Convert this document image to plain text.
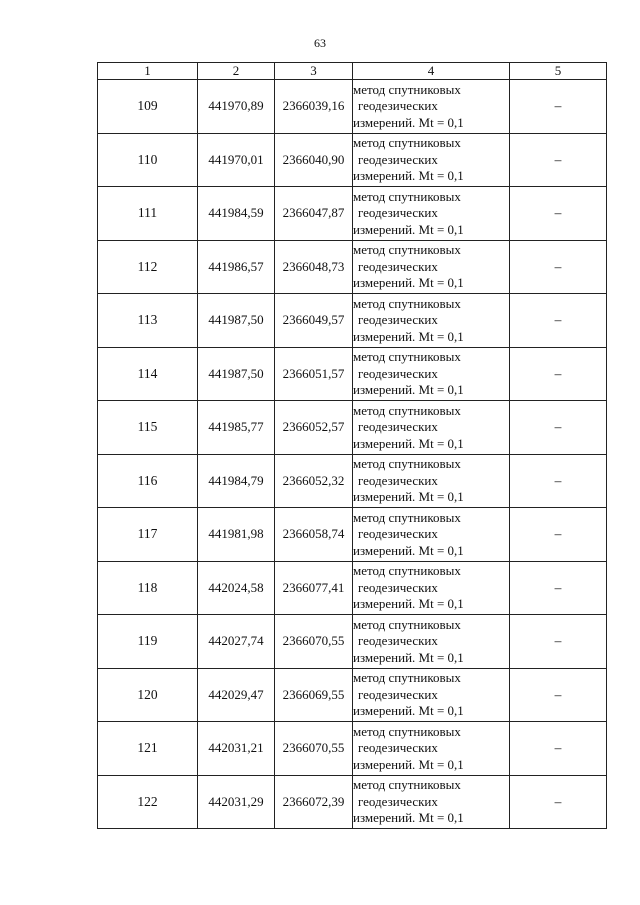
63
1	2	3	4	5
109	441970,89	2366039,16	метод спутниковых
геодезических
измерений. Mt = 0,1	–
110	441970,01	2366040,90	метод спутниковых
геодезических
измерений. Mt = 0,1	–
111	441984,59	2366047,87	метод спутниковых
геодезических
измерений. Mt = 0,1	–
112	441986,57	2366048,73	метод спутниковых
геодезических
измерений. Mt = 0,1	–
113	441987,50	2366049,57	метод спутниковых
геодезических
измерений. Mt = 0,1	–
114	441987,50	2366051,57	метод спутниковых
геодезических
измерений. Mt = 0,1	–
115	441985,77	2366052,57	метод спутниковых
геодезических
измерений. Mt = 0,1	–
116	441984,79	2366052,32	метод спутниковых
геодезических
измерений. Mt = 0,1	–
117	441981,98	2366058,74	метод спутниковых
геодезических
измерений. Mt = 0,1	–
118	442024,58	2366077,41	метод спутниковых
геодезических
измерений. Mt = 0,1	–
119	442027,74	2366070,55	метод спутниковых
геодезических
измерений. Mt = 0,1	–
120	442029,47	2366069,55	метод спутниковых
геодезических
измерений. Mt = 0,1	–
121	442031,21	2366070,55	метод спутниковых
геодезических
измерений. Mt = 0,1	–
122	442031,29	2366072,39	метод спутниковых
геодезических
измерений. Mt = 0,1	–
